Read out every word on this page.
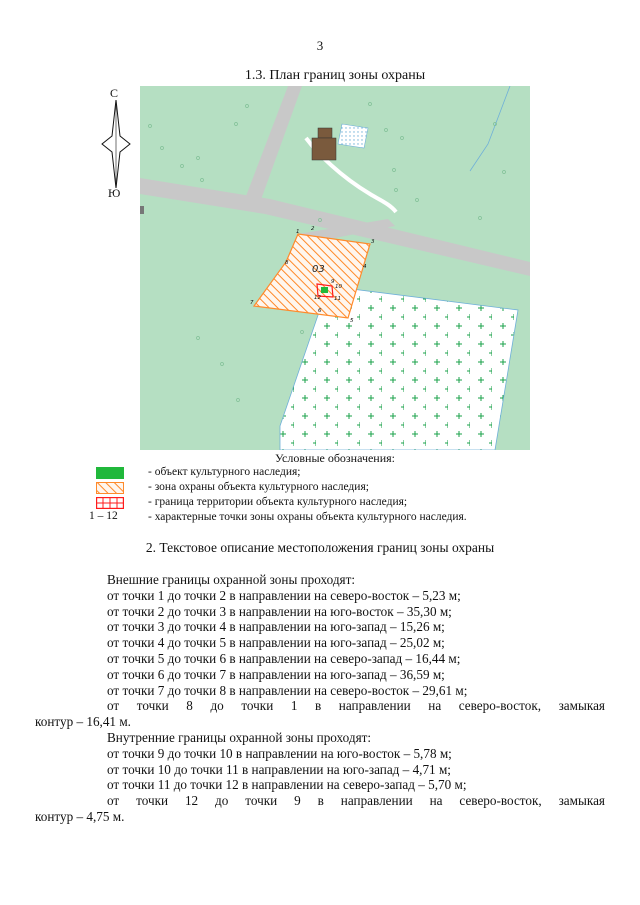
3
1.3. План границ зоны охраны
С
Ю
03
1 2
3
4
5
6
7
8
9
10
11
12
Условные обозначения:
- объект культурного наследия;
- зона охраны объекта культурного наследия;
- граница территории объекта культурного наследия;
1 – 12	- характерные точки зоны охраны объекта культурного наследия.
2. Текстовое описание местоположения границ зоны охраны
Внешние границы охранной зоны проходят:
от точки 1 до точки 2 в направлении на северо-восток – 5,23 м;
от точки 2 до точки 3 в направлении на юго-восток – 35,30 м;
от точки 3 до точки 4 в направлении на юго-запад – 15,26 м;
от точки 4 до точки 5 в направлении на юго-запад – 25,02 м;
от точки 5 до точки 6 в направлении на северо-запад – 16,44 м;
от точки 6 до точки 7 в направлении на юго-запад – 36,59 м;
от точки 7 до точки 8 в направлении на северо-восток – 29,61 м;
от точки 8 до точки 1 в направлении на северо-восток, замыкая
контур – 16,41 м.
Внутренние границы охранной зоны проходят:
от точки 9 до точки 10 в направлении на юго-восток – 5,78 м;
от точки 10 до точки 11 в направлении на юго-запад – 4,71 м;
от точки 11 до точки 12 в направлении на северо-запад – 5,70 м;
от точки 12 до точки 9 в направлении на северо-восток, замыкая
контур – 4,75 м.
